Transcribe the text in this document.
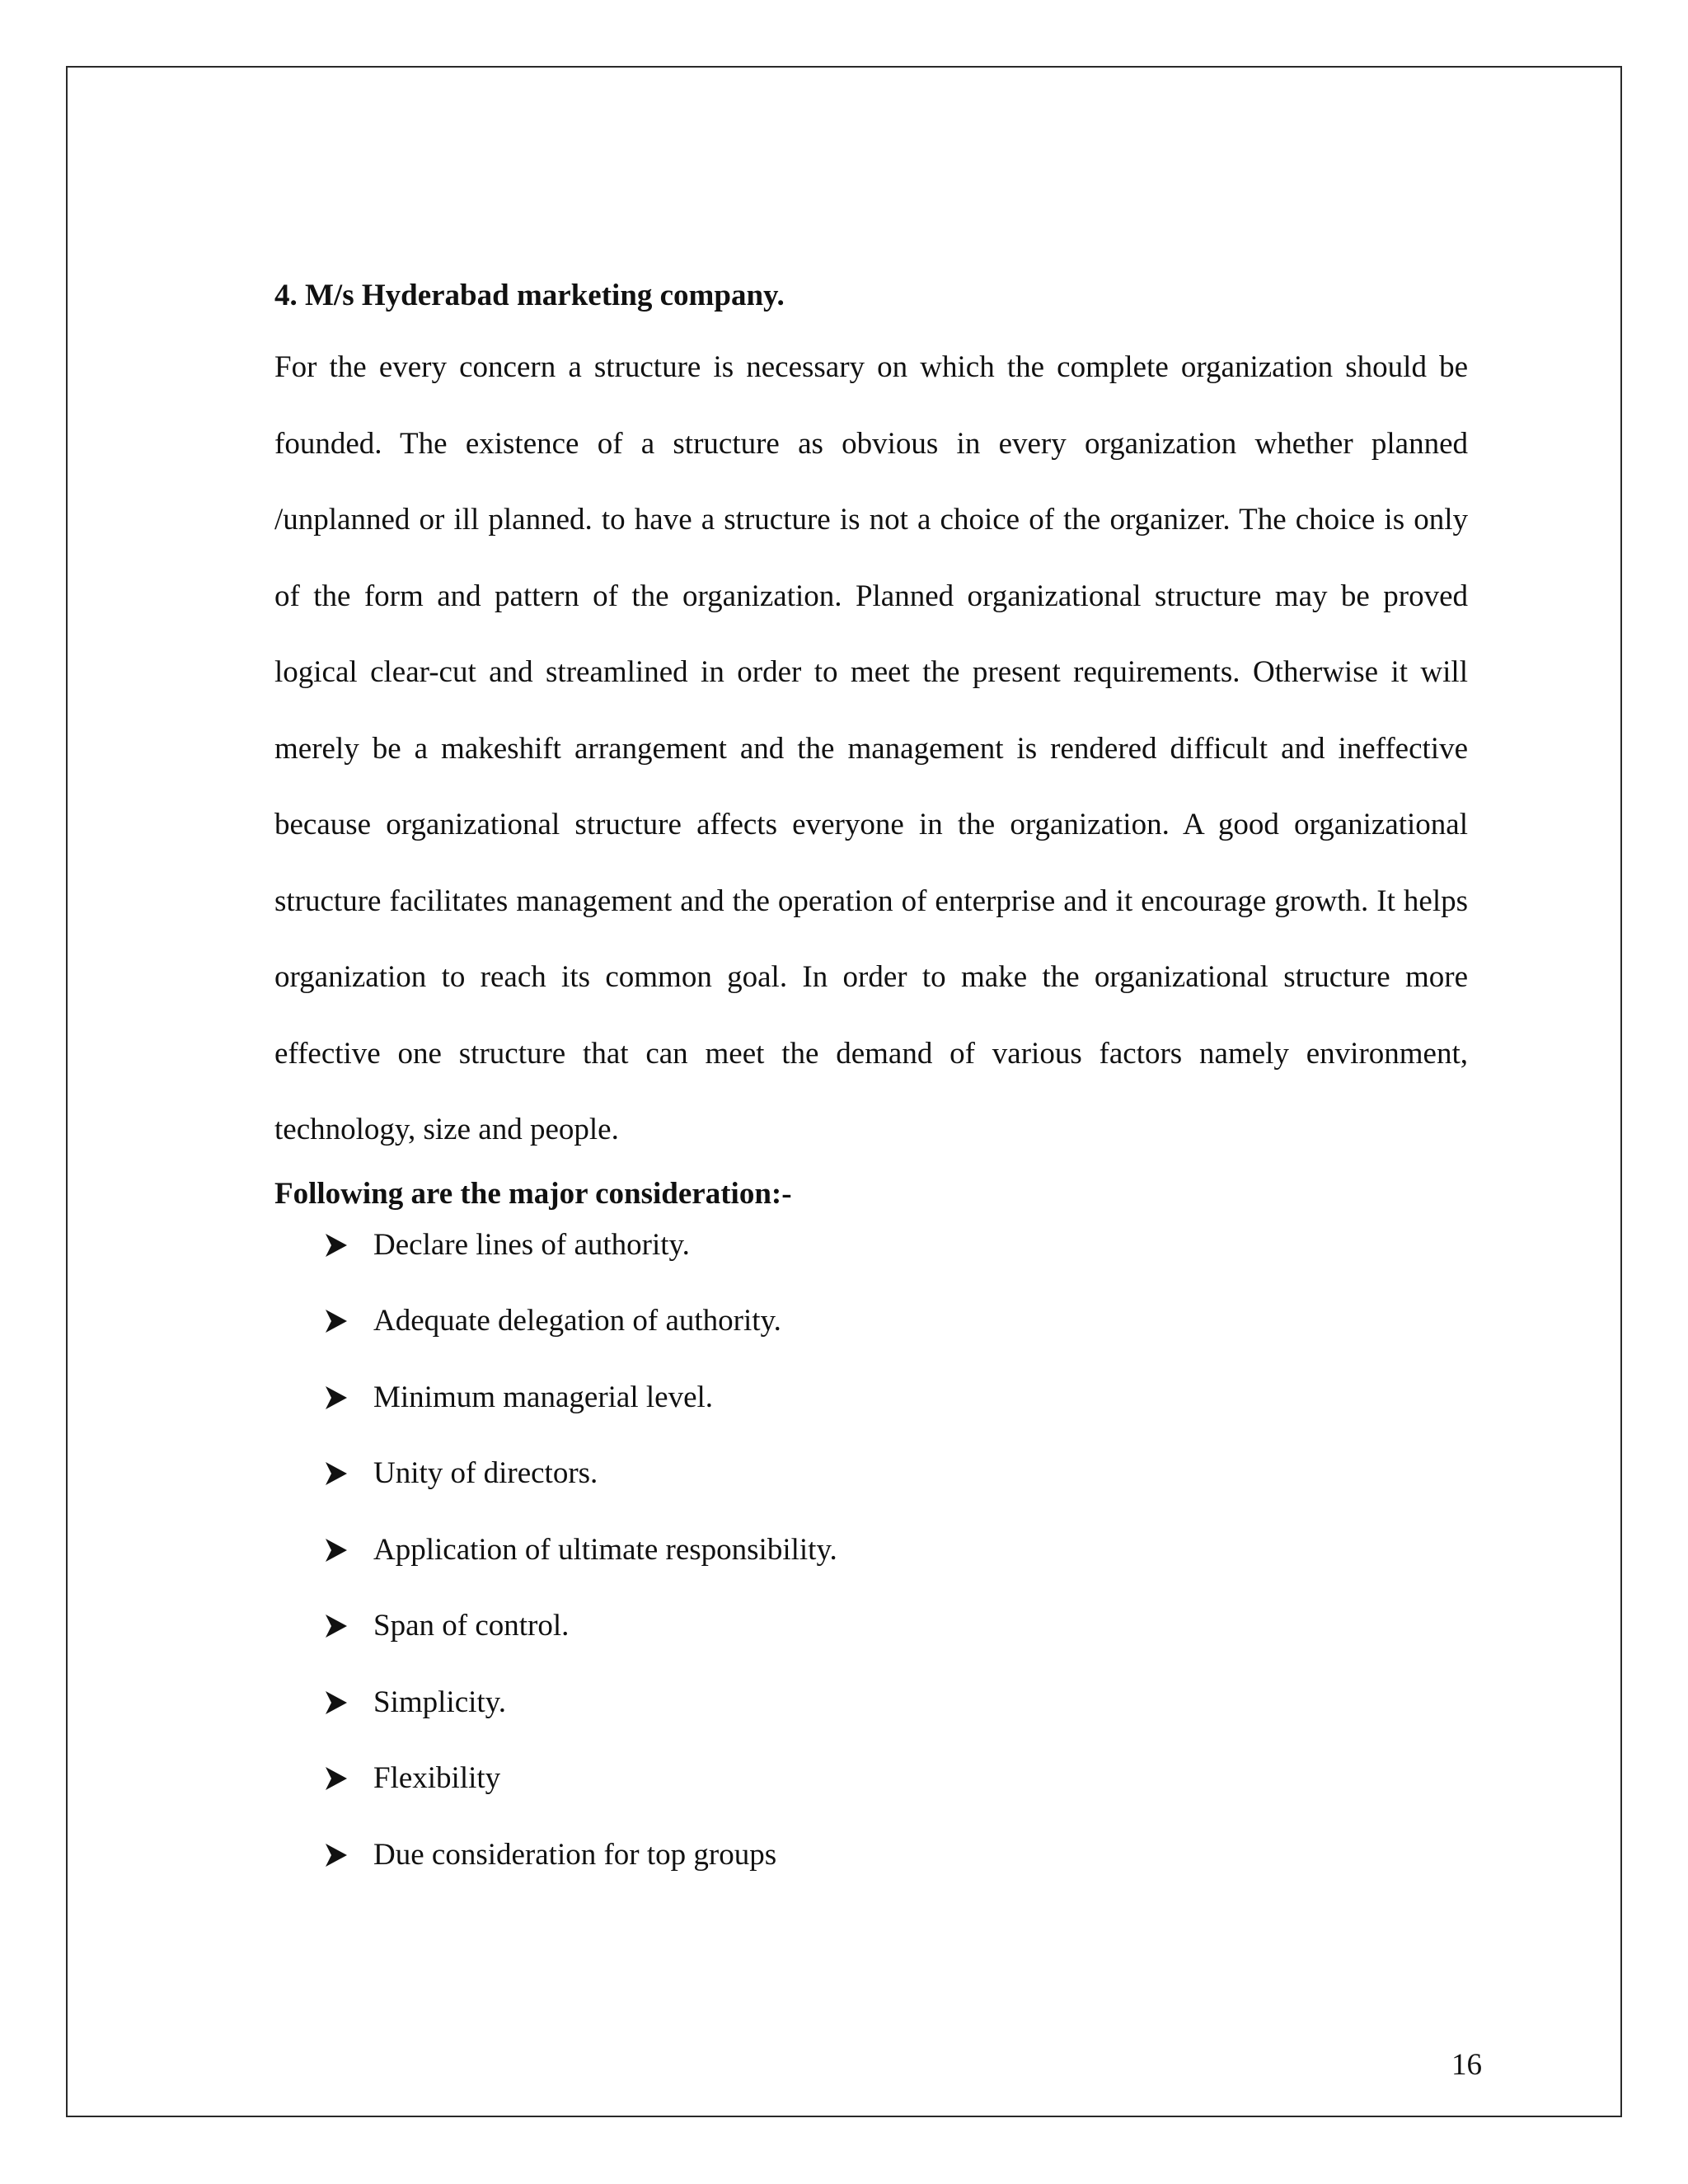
4. M/s Hyderabad marketing company.

For the every concern a structure is necessary on which the complete organization should be founded. The existence of a structure as obvious in every organization whether planned /unplanned or ill planned. to have a structure is not a choice of the organizer. The choice is only of the form and pattern of the organization. Planned organizational structure may be proved logical clear-cut and streamlined in order to meet the present requirements. Otherwise it will merely be a makeshift arrangement and the management is rendered difficult and ineffective because organizational structure affects everyone in the organization. A good organizational structure facilitates management and the operation of enterprise and it encourage growth. It helps organization to reach its common goal. In order to make the organizational structure more effective one structure that can meet the demand of various factors namely environment, technology, size and people.

Following are the major consideration:-

Declare lines of authority.
Adequate delegation of authority.
Minimum managerial level.
Unity of directors.
Application of ultimate responsibility.
Span of control.
Simplicity.
Flexibility
Due consideration for top groups
16
